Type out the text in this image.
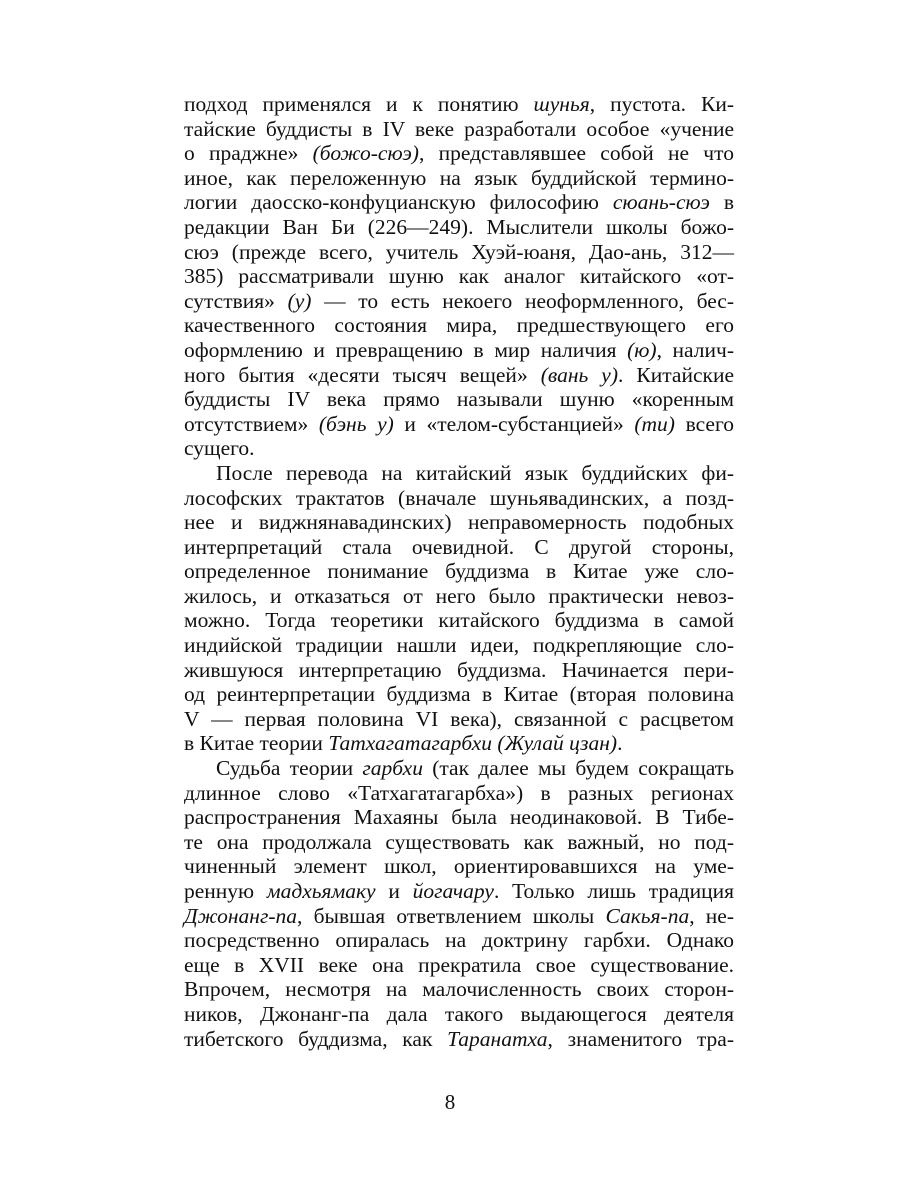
подход применялся и к понятию шунья, пустота. Ки-
тайские буддисты в IV веке разработали особое «учение
о праджне» (божо-сюэ), представлявшее собой не что
иное, как переложенную на язык буддийской термино-
логии даосско-конфуцианскую философию сюань-сюэ в
редакции Ван Би (226—249). Мыслители школы божо-
сюэ (прежде всего, учитель Хуэй-юаня, Дао-ань, 312—
385) рассматривали шуню как аналог китайского «от-
сутствия» (у) — то есть некоего неоформленного, бес-
качественного состояния мира, предшествующего его
оформлению и превращению в мир наличия (ю), налич-
ного бытия «десяти тысяч вещей» (вань у). Китайские
буддисты IV века прямо называли шуню «коренным
отсутствием» (бэнь у) и «телом-субстанцией» (ти) всего
сущего.
После перевода на китайский язык буддийских фи-
лософских трактатов (вначале шуньявадинских, а позд-
нее и виджнянавадинских) неправомерность подобных
интерпретаций стала очевидной. С другой стороны,
определенное понимание буддизма в Китае уже сло-
жилось, и отказаться от него было практически невоз-
можно. Тогда теоретики китайского буддизма в самой
индийской традиции нашли идеи, подкрепляющие сло-
жившуюся интерпретацию буддизма. Начинается пери-
од реинтерпретации буддизма в Китае (вторая половина
V — первая половина VI века), связанной с расцветом
в Китае теории Татхагатагарбхи (Жулай цзан).
Судьба теории гарбхи (так далее мы будем сокращать
длинное слово «Татхагатагарбха») в разных регионах
распространения Махаяны была неодинаковой. В Тибе-
те она продолжала существовать как важный, но под-
чиненный элемент школ, ориентировавшихся на уме-
ренную мадхьямаку и йогачару. Только лишь традиция
Джонанг-па, бывшая ответвлением школы Сакья-па, не-
посредственно опиралась на доктрину гарбхи. Однако
еще в XVII веке она прекратила свое существование.
Впрочем, несмотря на малочисленность своих сторон-
ников, Джонанг-па дала такого выдающегося деятеля
тибетского буддизма, как Таранатха, знаменитого тра-
8
